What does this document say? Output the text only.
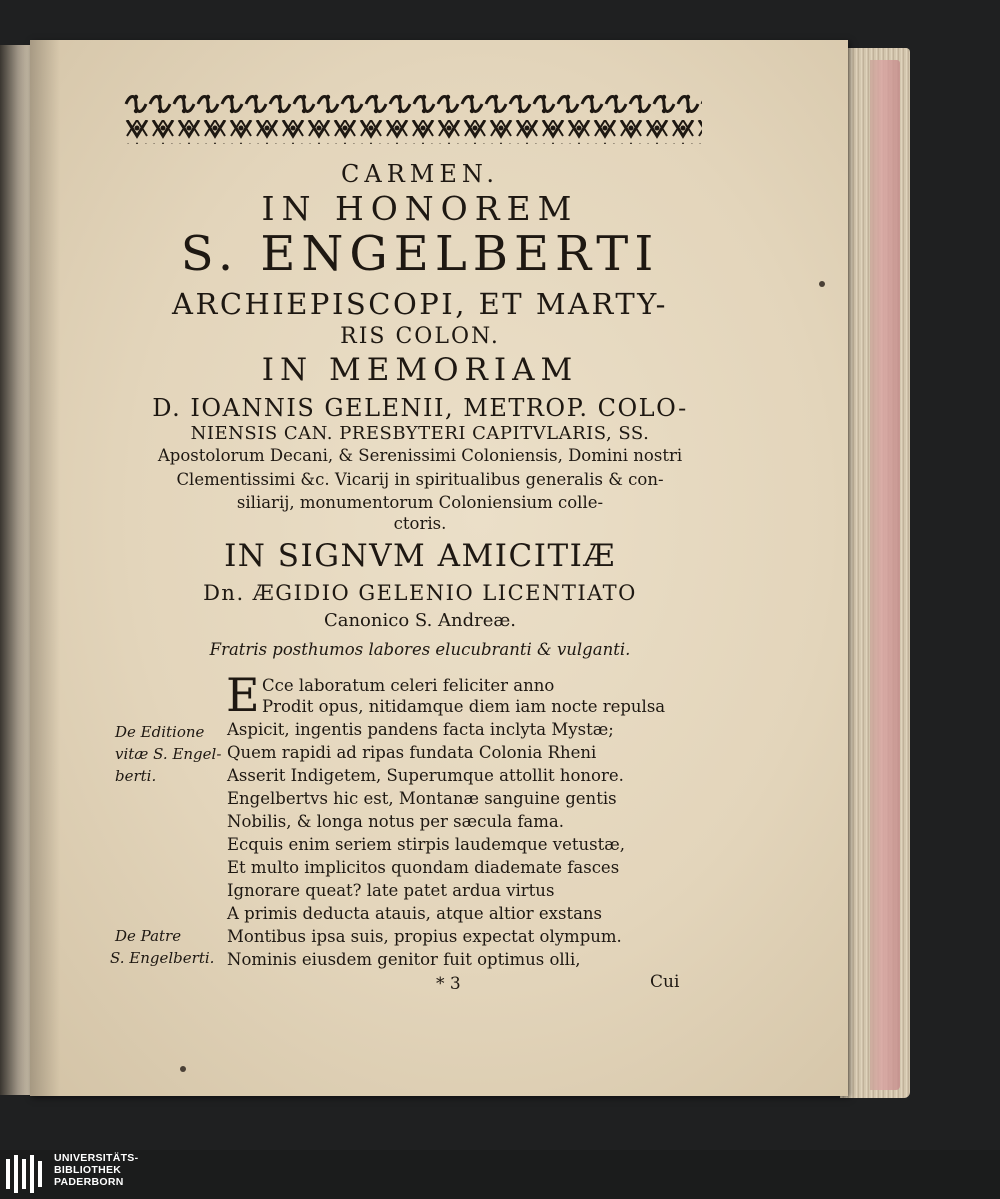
CARMEN.
IN HONOREM
S. ENGELBERTI
ARCHIEPISCOPI, ET MARTY-
RIS COLON.
IN MEMORIAM
D. IOANNIS GELENII, METROP. COLO-
NIENSIS CAN. PRESBYTERI CAPITVLARIS, SS.
Apostolorum Decani, & Serenissimi Coloniensis, Domini nostri
Clementissimi &c. Vicarij in spiritualibus generalis & con-
siliarij, monumentorum Coloniensium colle-
ctoris.
IN SIGNVM AMICITIÆ
Dn. ÆGIDIO GELENIO LICENTIATO
Canonico S. Andreæ.
Fratris posthumos labores elucubranti & vulganti.
E Cce laboratum celeri feliciter anno
Prodit opus, nitidamque diem iam nocte repulsa
Aspicit, ingentis pandens facta inclyta Mystæ;
Quem rapidi ad ripas fundata Colonia Rheni
Asserit Indigetem, Superumque attollit honore.
Engelbertvs hic est, Montanæ sanguine gentis
Nobilis, & longa notus per sæcula fama.
Ecquis enim seriem stirpis laudemque vetustæ,
Et multo implicitos quondam diademate fasces
Ignorare queat? late patet ardua virtus
A primis deducta atauis, atque altior exstans
Montibus ipsa suis, propius expectat olympum.
Nominis eiusdem genitor fuit optimus olli,
De Editione
vitæ S. Engel-
berti.
De Patre
S. Engelberti.
* 3	Cui
UNIVERSITÄTS-
BIBLIOTHEK
PADERBORN
